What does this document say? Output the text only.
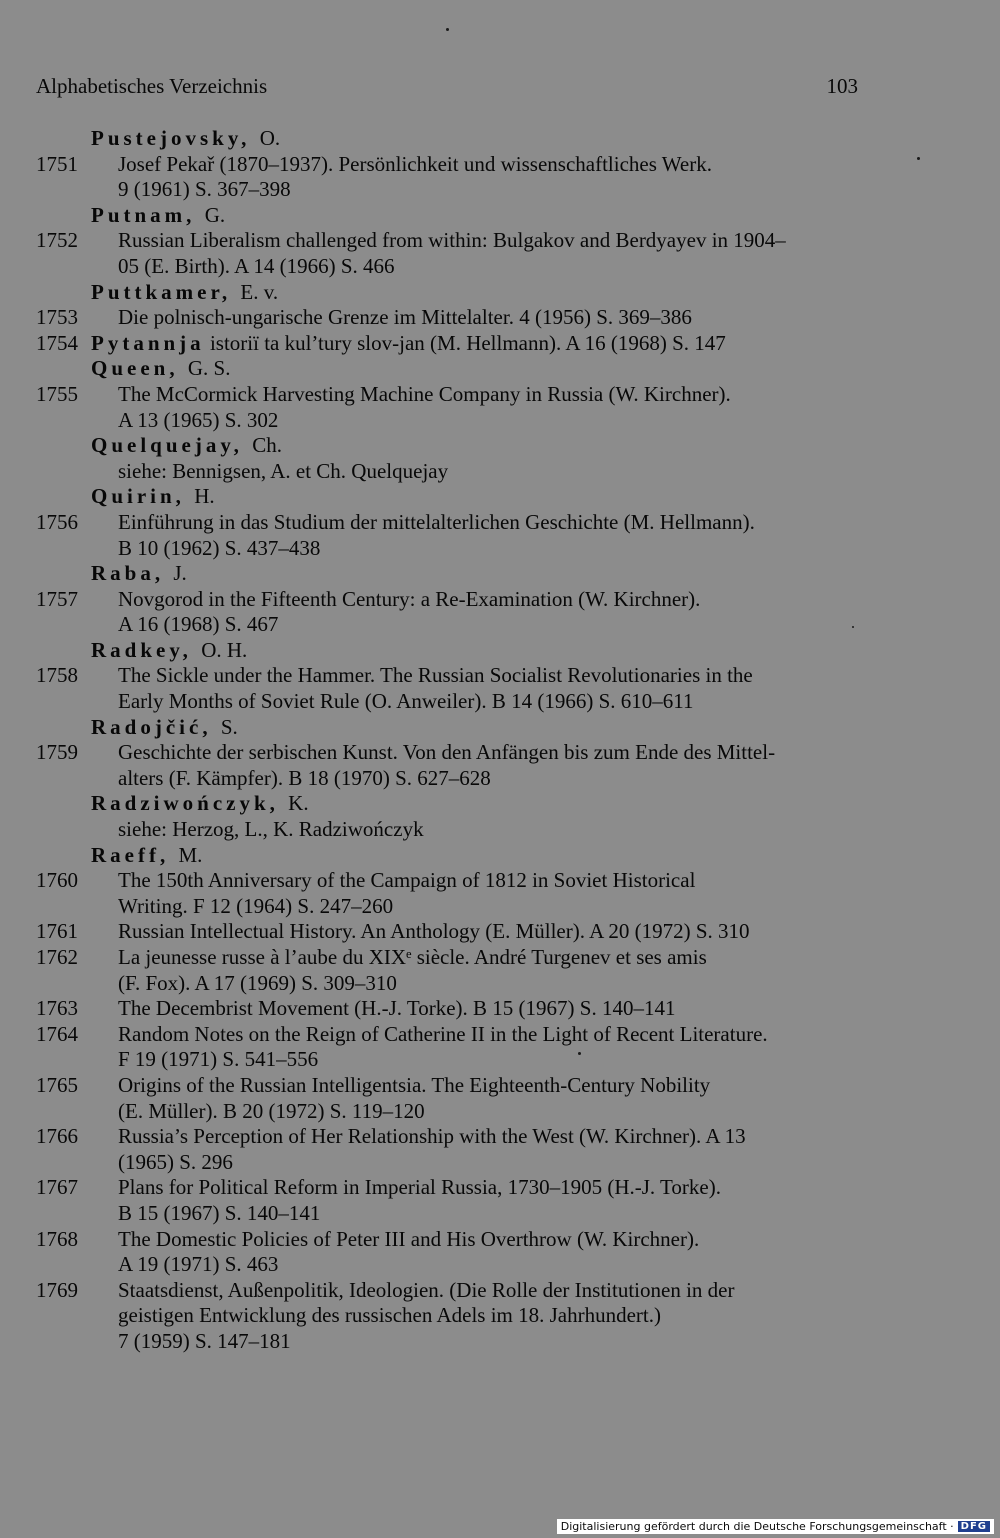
Alphabetisches Verzeichnis	103
Pustejovsky, O.
1751	Josef Pekař (1870–1937). Persönlichkeit und wissenschaftliches Werk.
9 (1961) S. 367–398
Putnam, G.
1752	Russian Liberalism challenged from within: Bulgakov and Berdyayev in 1904–
05 (E. Birth). A 14 (1966) S. 466
Puttkamer, E. v.
1753	Die polnisch-ungarische Grenze im Mittelalter. 4 (1956) S. 369–386
1754 Pytannja istoriï ta kul’tury slov-jan (M. Hellmann). A 16 (1968) S. 147
Queen, G. S.
1755	The McCormick Harvesting Machine Company in Russia (W. Kirchner).
A 13 (1965) S. 302
Quelquejay, Ch.
siehe: Bennigsen, A. et Ch. Quelquejay
Quirin, H.
1756	Einführung in das Studium der mittelalterlichen Geschichte (M. Hellmann).
B 10 (1962) S. 437–438
Raba, J.
1757	Novgorod in the Fifteenth Century: a Re-Examination (W. Kirchner).
A 16 (1968) S. 467
Radkey, O. H.
1758	The Sickle under the Hammer. The Russian Socialist Revolutionaries in the
Early Months of Soviet Rule (O. Anweiler). B 14 (1966) S. 610–611
Radojčić, S.
1759	Geschichte der serbischen Kunst. Von den Anfängen bis zum Ende des Mittel-
alters (F. Kämpfer). B 18 (1970) S. 627–628
Radziwończyk, K.
siehe: Herzog, L., K. Radziwończyk
Raeff, M.
1760	The 150th Anniversary of the Campaign of 1812 in Soviet Historical
Writing. F 12 (1964) S. 247–260
1761	Russian Intellectual History. An Anthology (E. Müller). A 20 (1972) S. 310
1762	La jeunesse russe à l’aube du XIXᵉ siècle. André Turgenev et ses amis
(F. Fox). A 17 (1969) S. 309–310
1763	The Decembrist Movement (H.-J. Torke). B 15 (1967) S. 140–141
1764	Random Notes on the Reign of Catherine II in the Light of Recent Literature.
F 19 (1971) S. 541–556
1765	Origins of the Russian Intelligentsia. The Eighteenth-Century Nobility
(E. Müller). B 20 (1972) S. 119–120
1766	Russia’s Perception of Her Relationship with the West (W. Kirchner). A 13
(1965) S. 296
1767	Plans for Political Reform in Imperial Russia, 1730–1905 (H.-J. Torke).
B 15 (1967) S. 140–141
1768	The Domestic Policies of Peter III and His Overthrow (W. Kirchner).
A 19 (1971) S. 463
1769	Staatsdienst, Außenpolitik, Ideologien. (Die Rolle der Institutionen in der
geistigen Entwicklung des russischen Adels im 18. Jahrhundert.)
7 (1959) S. 147–181
Digitalisierung gefördert durch die Deutsche Forschungsgemeinschaft · DFG
